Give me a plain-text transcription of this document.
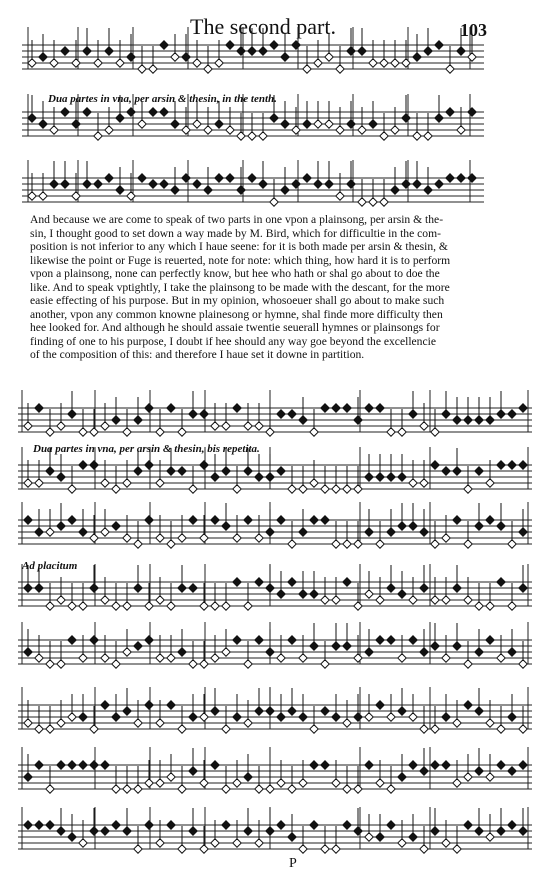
The second part.	103
Dua partes in vna, per arsin & thesin, in the tenth.
Dua partes in vna, per arsin & thesin, bis repetita.
Ad placitum
And because we are come to speak of two parts in one vpon a plainsong, per arsin & the-
sin, I thought good to set down a way made by M. Bird, which for difficultie in the com-
position is not inferior to any which I haue seene: for it is both made per arsin & thesin, &
likewise the point or Fuge is reuerted, note for note: which thing, how hard it is to perform
vpon a plainsong, none can perfectly know, but hee who hath or shal go about to doe the
like. And to speak vptightly, I take the plainsong to be made with the descant, for the more
easie effecting of his purpose. But in my opinion, whosoeuer shall go about to make such
another, vpon any common knowne plainesong or hymne, shal finde more difficulty then
hee looked for. And although he should assaie twentie seuerall hymnes or plainsongs for
finding of one to his purpose, I doubt if hee should any way goe beyond the excellencie
of the composition of this: and therefore I haue set it downe in partition.
P
